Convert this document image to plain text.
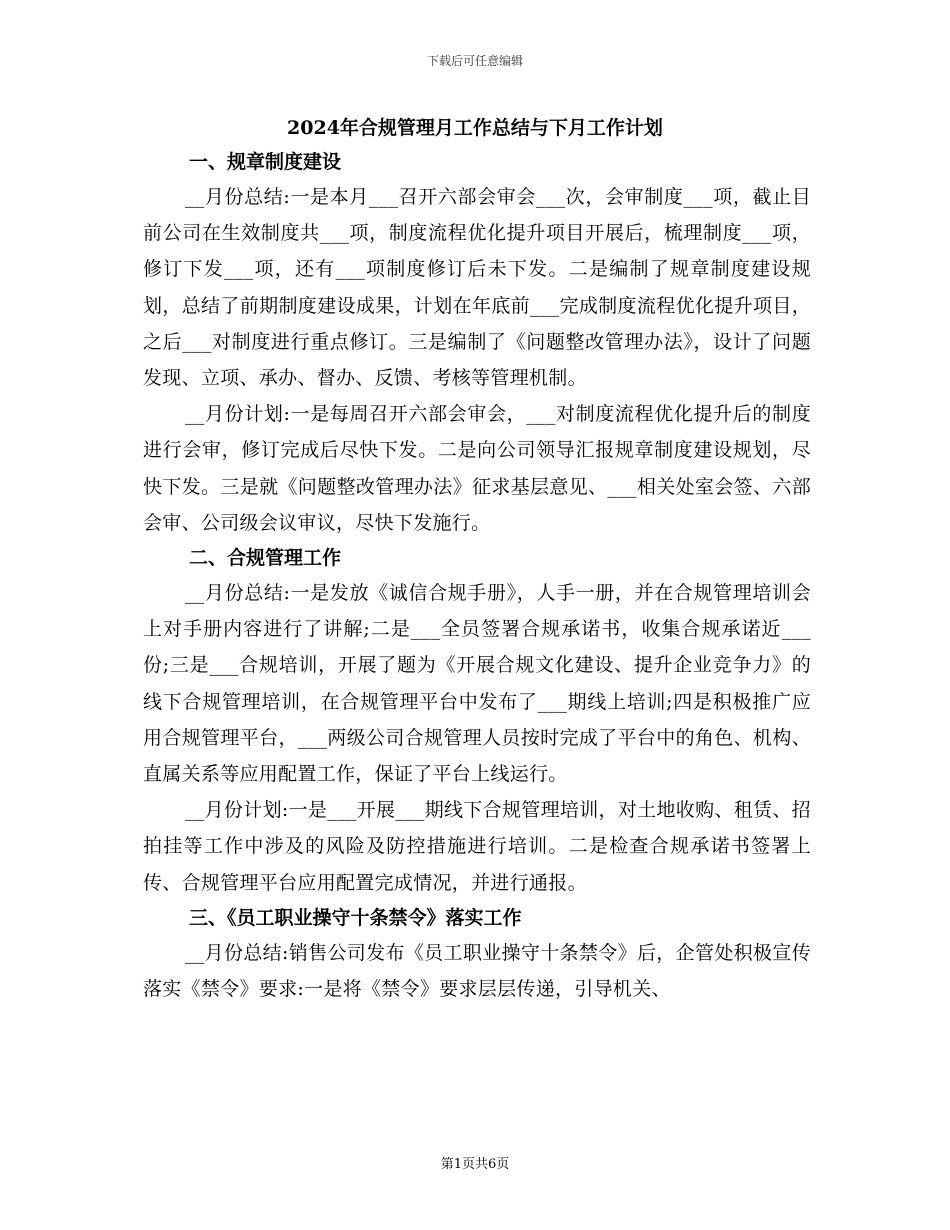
下载后可任意编辑
2024年合规管理月工作总结与下月工作计划
一、规章制度建设

__月份总结:一是本月___召开六部会审会___次，会审制度___项，截止目前公司在生效制度共___项，制度流程优化提升项目开展后，梳理制度___项，修订下发___项，还有___项制度修订后未下发。二是编制了规章制度建设规划，总结了前期制度建设成果，计划在年底前___完成制度流程优化提升项目，之后___对制度进行重点修订。三是编制了《问题整改管理办法》，设计了问题发现、立项、承办、督办、反馈、考核等管理机制。

__月份计划:一是每周召开六部会审会，___对制度流程优化提升后的制度进行会审，修订完成后尽快下发。二是向公司领导汇报规章制度建设规划，尽快下发。三是就《问题整改管理办法》征求基层意见、___相关处室会签、六部会审、公司级会议审议，尽快下发施行。

二、合规管理工作

__月份总结:一是发放《诚信合规手册》，人手一册，并在合规管理培训会上对手册内容进行了讲解;二是___全员签署合规承诺书，收集合规承诺近___份;三是___合规培训，开展了题为《开展合规文化建设、提升企业竞争力》的线下合规管理培训，在合规管理平台中发布了___期线上培训;四是积极推广应用合规管理平台，___两级公司合规管理人员按时完成了平台中的角色、机构、直属关系等应用配置工作，保证了平台上线运行。

__月份计划:一是___开展___期线下合规管理培训，对土地收购、租赁、招拍挂等工作中涉及的风险及防控措施进行培训。二是检查合规承诺书签署上传、合规管理平台应用配置完成情况，并进行通报。

三、《员工职业操守十条禁令》落实工作

__月份总结:销售公司发布《员工职业操守十条禁令》后，企管处积极宣传落实《禁令》要求:一是将《禁令》要求层层传递，引导机关、

第1页共6页
